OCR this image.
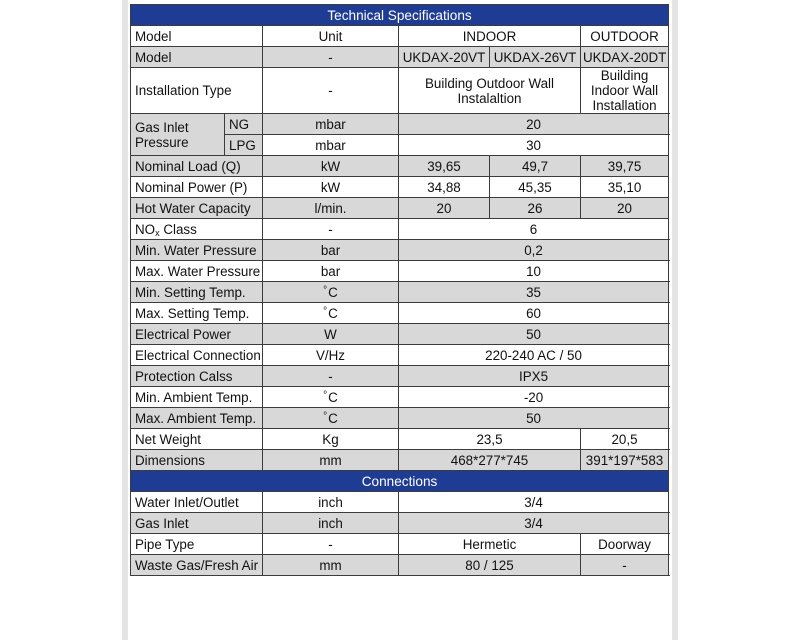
Technical Specifications						
Model		Unit	INDOOR		OUTDOOR	
Model		-	UKDAX-20VT	UKDAX-26VT	UKDAX-20DT	
Installation Type		-	Building Outdoor Wall Instalaltion		Building Indoor Wall Installation	
Gas Inlet Pressure	NG	mbar	20			
	LPG	mbar	30			
Nominal Load (Q)		kW	39,65	49,7	39,75	
Nominal Power (P)		kW	34,88	45,35	35,10	
Hot Water Capacity		l/min.	20	26	20	
$NO_x$ Class		-	6			
Min. Water Pressure		bar	0,2			
Max. Water Pressure		bar	10			
Min. Setting Temp.		°C	35			
Max. Setting Temp.		°C	60			
Electrical Power		W	50			
Electrical Connection		V/Hz	220-240 AC / 50			
Protection Calss		-	IPX5			
Min. Ambient Temp.		°C	-20			
Max. Ambient Temp.		°C	50			
Net Weight		Kg	23,5		20,5	
Dimensions		mm	468*277*745		391*197*583	
Connections						
Water Inlet/Outlet		inch	3/4			
Gas Inlet		inch	3/4			
Pipe Type		-	Hermetic		Doorway	
Waste Gas/Fresh Air		mm	80 / 125		-	
